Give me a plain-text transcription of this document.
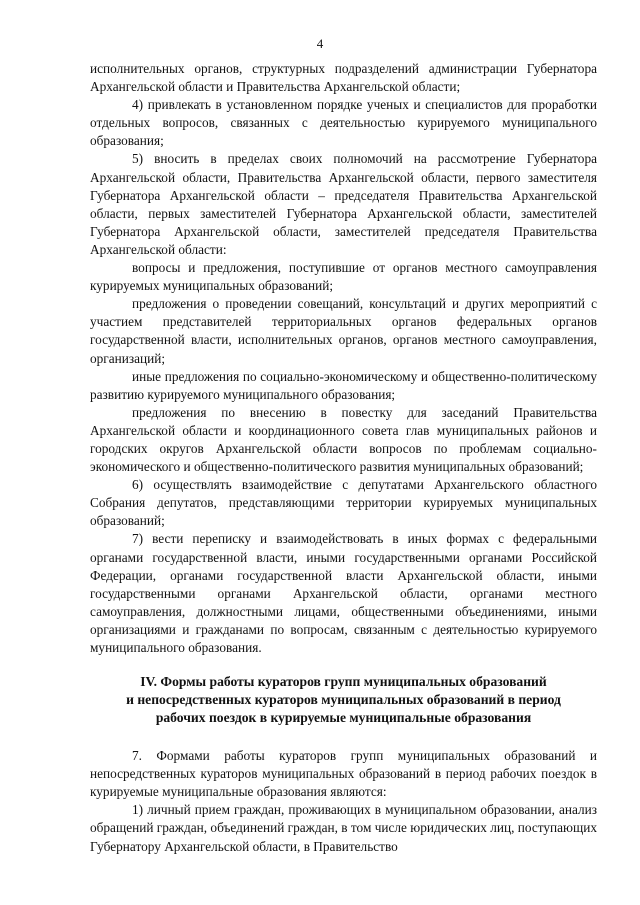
4

исполнительных органов, структурных подразделений администрации Губернатора Архангельской области и Правительства Архангельской области;

4) привлекать в установленном порядке ученых и специалистов для проработки отдельных вопросов, связанных с деятельностью курируемого муниципального образования;

5) вносить в пределах своих полномочий на рассмотрение Губернатора Архангельской области, Правительства Архангельской области, первого заместителя Губернатора Архангельской области – председателя Правительства Архангельской области, первых заместителей Губернатора Архангельской области, заместителей Губернатора Архангельской области, заместителей председателя Правительства Архангельской области:

вопросы и предложения, поступившие от органов местного самоуправления курируемых муниципальных образований;

предложения о проведении совещаний, консультаций и других мероприятий с участием представителей территориальных органов федеральных органов государственной власти, исполнительных органов, органов местного самоуправления, организаций;

иные предложения по социально-экономическому и общественно-политическому развитию курируемого муниципального образования;

предложения по внесению в повестку для заседаний Правительства Архангельской области и координационного совета глав муниципальных районов и городских округов Архангельской области вопросов по проблемам социально-экономического и общественно-политического развития муниципальных образований;

6) осуществлять взаимодействие с депутатами Архангельского областного Собрания депутатов, представляющими территории курируемых муниципальных образований;

7) вести переписку и взаимодействовать в иных формах с федеральными органами государственной власти, иными государственными органами Российской Федерации, органами государственной власти Архангельской области, иными государственными органами Архангельской области, органами местного самоуправления, должностными лицами, общественными объединениями, иными организациями и гражданами по вопросам, связанным с деятельностью курируемого муниципального образования.

IV. Формы работы кураторов групп муниципальных образований
и непосредственных кураторов муниципальных образований в период
рабочих поездок в курируемые муниципальные образования

7. Формами работы кураторов групп муниципальных образований и непосредственных кураторов муниципальных образований в период рабочих поездок в курируемые муниципальные образования являются:

1) личный прием граждан, проживающих в муниципальном образовании, анализ обращений граждан, объединений граждан, в том числе юридических лиц, поступающих Губернатору Архангельской области, в Правительство
